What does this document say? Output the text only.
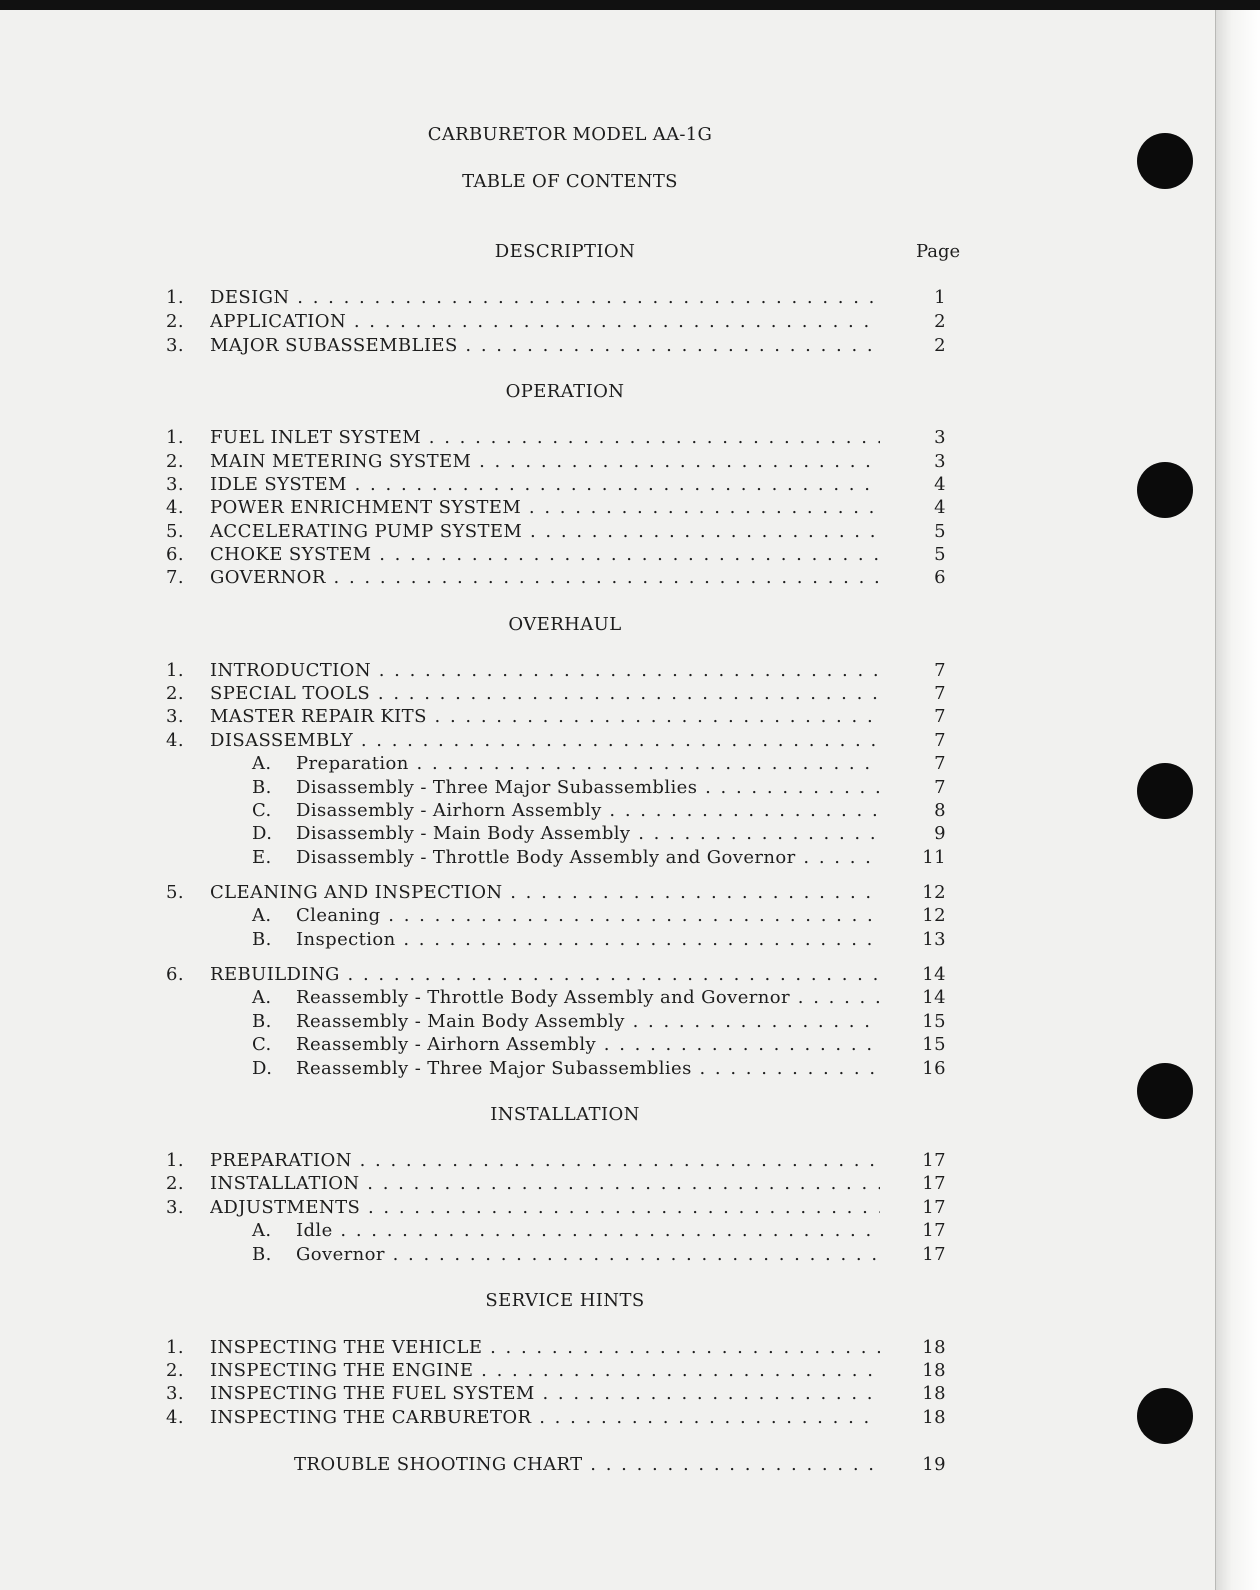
CARBURETOR MODEL AA-1G
TABLE OF CONTENTS
DESCRIPTION	Page
1. DESIGN . . .	1
2. APPLICATION . . .	2
3. MAJOR SUBASSEMBLIES . . .	2
OPERATION
1. FUEL INLET SYSTEM . . .	3
2. MAIN METERING SYSTEM . . .	3
3. IDLE SYSTEM . . .	4
4. POWER ENRICHMENT SYSTEM . . .	4
5. ACCELERATING PUMP SYSTEM . . .	5
6. CHOKE SYSTEM . . .	5
7. GOVERNOR . . .	6
OVERHAUL
1. INTRODUCTION . . .	7
2. SPECIAL TOOLS . . .	7
3. MASTER REPAIR KITS . . .	7
4. DISASSEMBLY . . .	7
A. Preparation . . .	7
B. Disassembly - Three Major Subassemblies . . .	7
C. Disassembly - Airhorn Assembly . . .	8
D. Disassembly - Main Body Assembly . . .	9
E. Disassembly - Throttle Body Assembly and Governor . . .	11
5. CLEANING AND INSPECTION . . .	12
A. Cleaning . . .	12
B. Inspection . . .	13
6. REBUILDING . . .	14
A. Reassembly - Throttle Body Assembly and Governor . . .	14
B. Reassembly - Main Body Assembly . . .	15
C. Reassembly - Airhorn Assembly . . .	15
D. Reassembly - Three Major Subassemblies . . .	16
INSTALLATION
1. PREPARATION . . .	17
2. INSTALLATION . . .	17
3. ADJUSTMENTS . . .	17
A. Idle . . .	17
B. Governor . . .	17
SERVICE HINTS
1. INSPECTING THE VEHICLE . . .	18
2. INSPECTING THE ENGINE . . .	18
3. INSPECTING THE FUEL SYSTEM . . .	18
4. INSPECTING THE CARBURETOR . . .	18
TROUBLE SHOOTING CHART . . .	19
